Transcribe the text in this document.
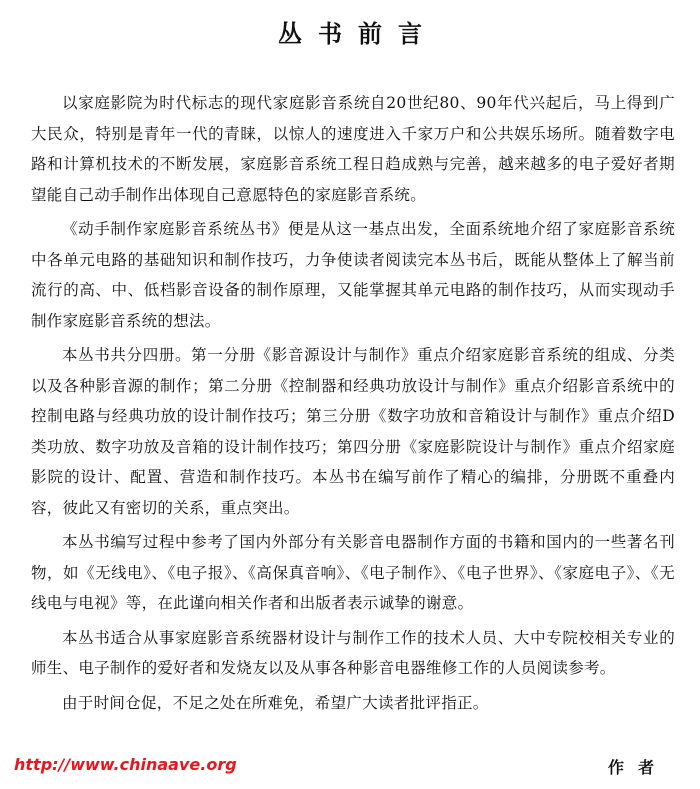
丛书前言

以家庭影院为时代标志的现代家庭影音系统自20世纪80、90年代兴起后，马上得到广大民众，特别是青年一代的青睐，以惊人的速度进入千家万户和公共娱乐场所。随着数字电路和计算机技术的不断发展，家庭影音系统工程日趋成熟与完善，越来越多的电子爱好者期望能自己动手制作出体现自己意愿特色的家庭影音系统。

《动手制作家庭影音系统丛书》便是从这一基点出发，全面系统地介绍了家庭影音系统中各单元电路的基础知识和制作技巧，力争使读者阅读完本丛书后，既能从整体上了解当前流行的高、中、低档影音设备的制作原理，又能掌握其单元电路的制作技巧，从而实现动手制作家庭影音系统的想法。

本丛书共分四册。第一分册《影音源设计与制作》重点介绍家庭影音系统的组成、分类以及各种影音源的制作；第二分册《控制器和经典功放设计与制作》重点介绍影音系统中的控制电路与经典功放的设计制作技巧；第三分册《数字功放和音箱设计与制作》重点介绍D类功放、数字功放及音箱的设计制作技巧；第四分册《家庭影院设计与制作》重点介绍家庭影院的设计、配置、营造和制作技巧。本丛书在编写前作了精心的编排，分册既不重叠内容，彼此又有密切的关系，重点突出。

本丛书编写过程中参考了国内外部分有关影音电器制作方面的书籍和国内的一些著名刊物，如《无线电》、《电子报》、《高保真音响》、《电子制作》、《电子世界》、《家庭电子》、《无线电与电视》等，在此谨向相关作者和出版者表示诚挚的谢意。

本丛书适合从事家庭影音系统器材设计与制作工作的技术人员、大中专院校相关专业的师生、电子制作的爱好者和发烧友以及从事各种影音电器维修工作的人员阅读参考。

由于时间仓促，不足之处在所难免，希望广大读者批评指正。

http://www.chinaave.org	作者
